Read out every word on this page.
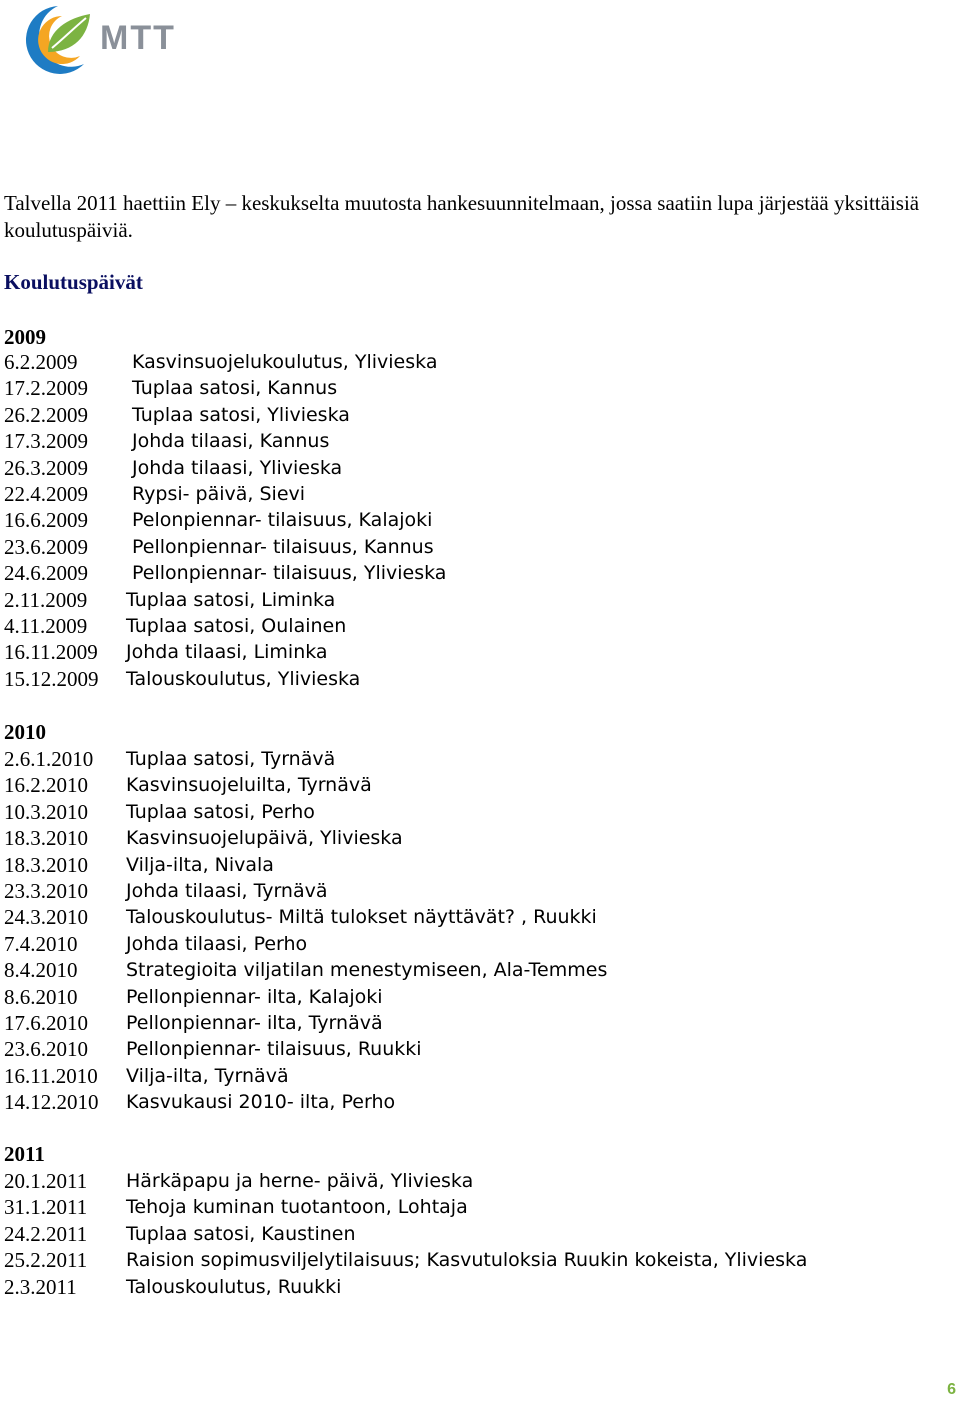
MTT

Talvella 2011 haettiin Ely – keskukselta muutosta hankesuunnitelmaan, jossa saatiin lupa järjestää yksittäisiä koulutuspäiviä.

Koulutuspäivät

2009

6.2.2009	Kasvinsuojelukoulutus, Ylivieska
17.2.2009 Tuplaa satosi, Kannus
26.2.2009 Tuplaa satosi, Ylivieska
17.3.2009 Johda tilaasi, Kannus
26.3.2009 Johda tilaasi, Ylivieska
22.4.2009 Rypsi- päivä, Sievi
16.6.2009 Pelonpiennar- tilaisuus, Kalajoki
23.6.2009 Pellonpiennar- tilaisuus, Kannus
24.6.2009 Pellonpiennar- tilaisuus, Ylivieska
2.11.2009 Tuplaa satosi, Liminka
4.11.2009 Tuplaa satosi, Oulainen
16.11.2009 Johda tilaasi, Liminka
15.12.2009 Talouskoulutus, Ylivieska

2010

2.6.1.2010 Tuplaa satosi, Tyrnävä
16.2.2010 Kasvinsuojeluilta, Tyrnävä
10.3.2010 Tuplaa satosi, Perho
18.3.2010 Kasvinsuojelupäivä, Ylivieska
18.3.2010 Vilja-ilta, Nivala
23.3.2010 Johda tilaasi, Tyrnävä
24.3.2010 Talouskoulutus- Miltä tulokset näyttävät? , Ruukki
7.4.2010	Johda tilaasi, Perho
8.4.2010	Strategioita viljatilan menestymiseen, Ala-Temmes
8.6.2010	Pellonpiennar- ilta, Kalajoki
17.6.2010 Pellonpiennar- ilta, Tyrnävä
23.6.2010 Pellonpiennar- tilaisuus, Ruukki
16.11.2010 Vilja-ilta, Tyrnävä
14.12.2010 Kasvukausi 2010- ilta, Perho

2011

20.1.2011 Härkäpapu ja herne- päivä, Ylivieska
31.1.2011 Tehoja kuminan tuotantoon, Lohtaja
24.2.2011 Tuplaa satosi, Kaustinen
25.2.2011 Raision sopimusviljelytilaisuus; Kasvutuloksia Ruukin kokeista, Ylivieska
2.3.2011	Talouskoulutus, Ruukki

6
